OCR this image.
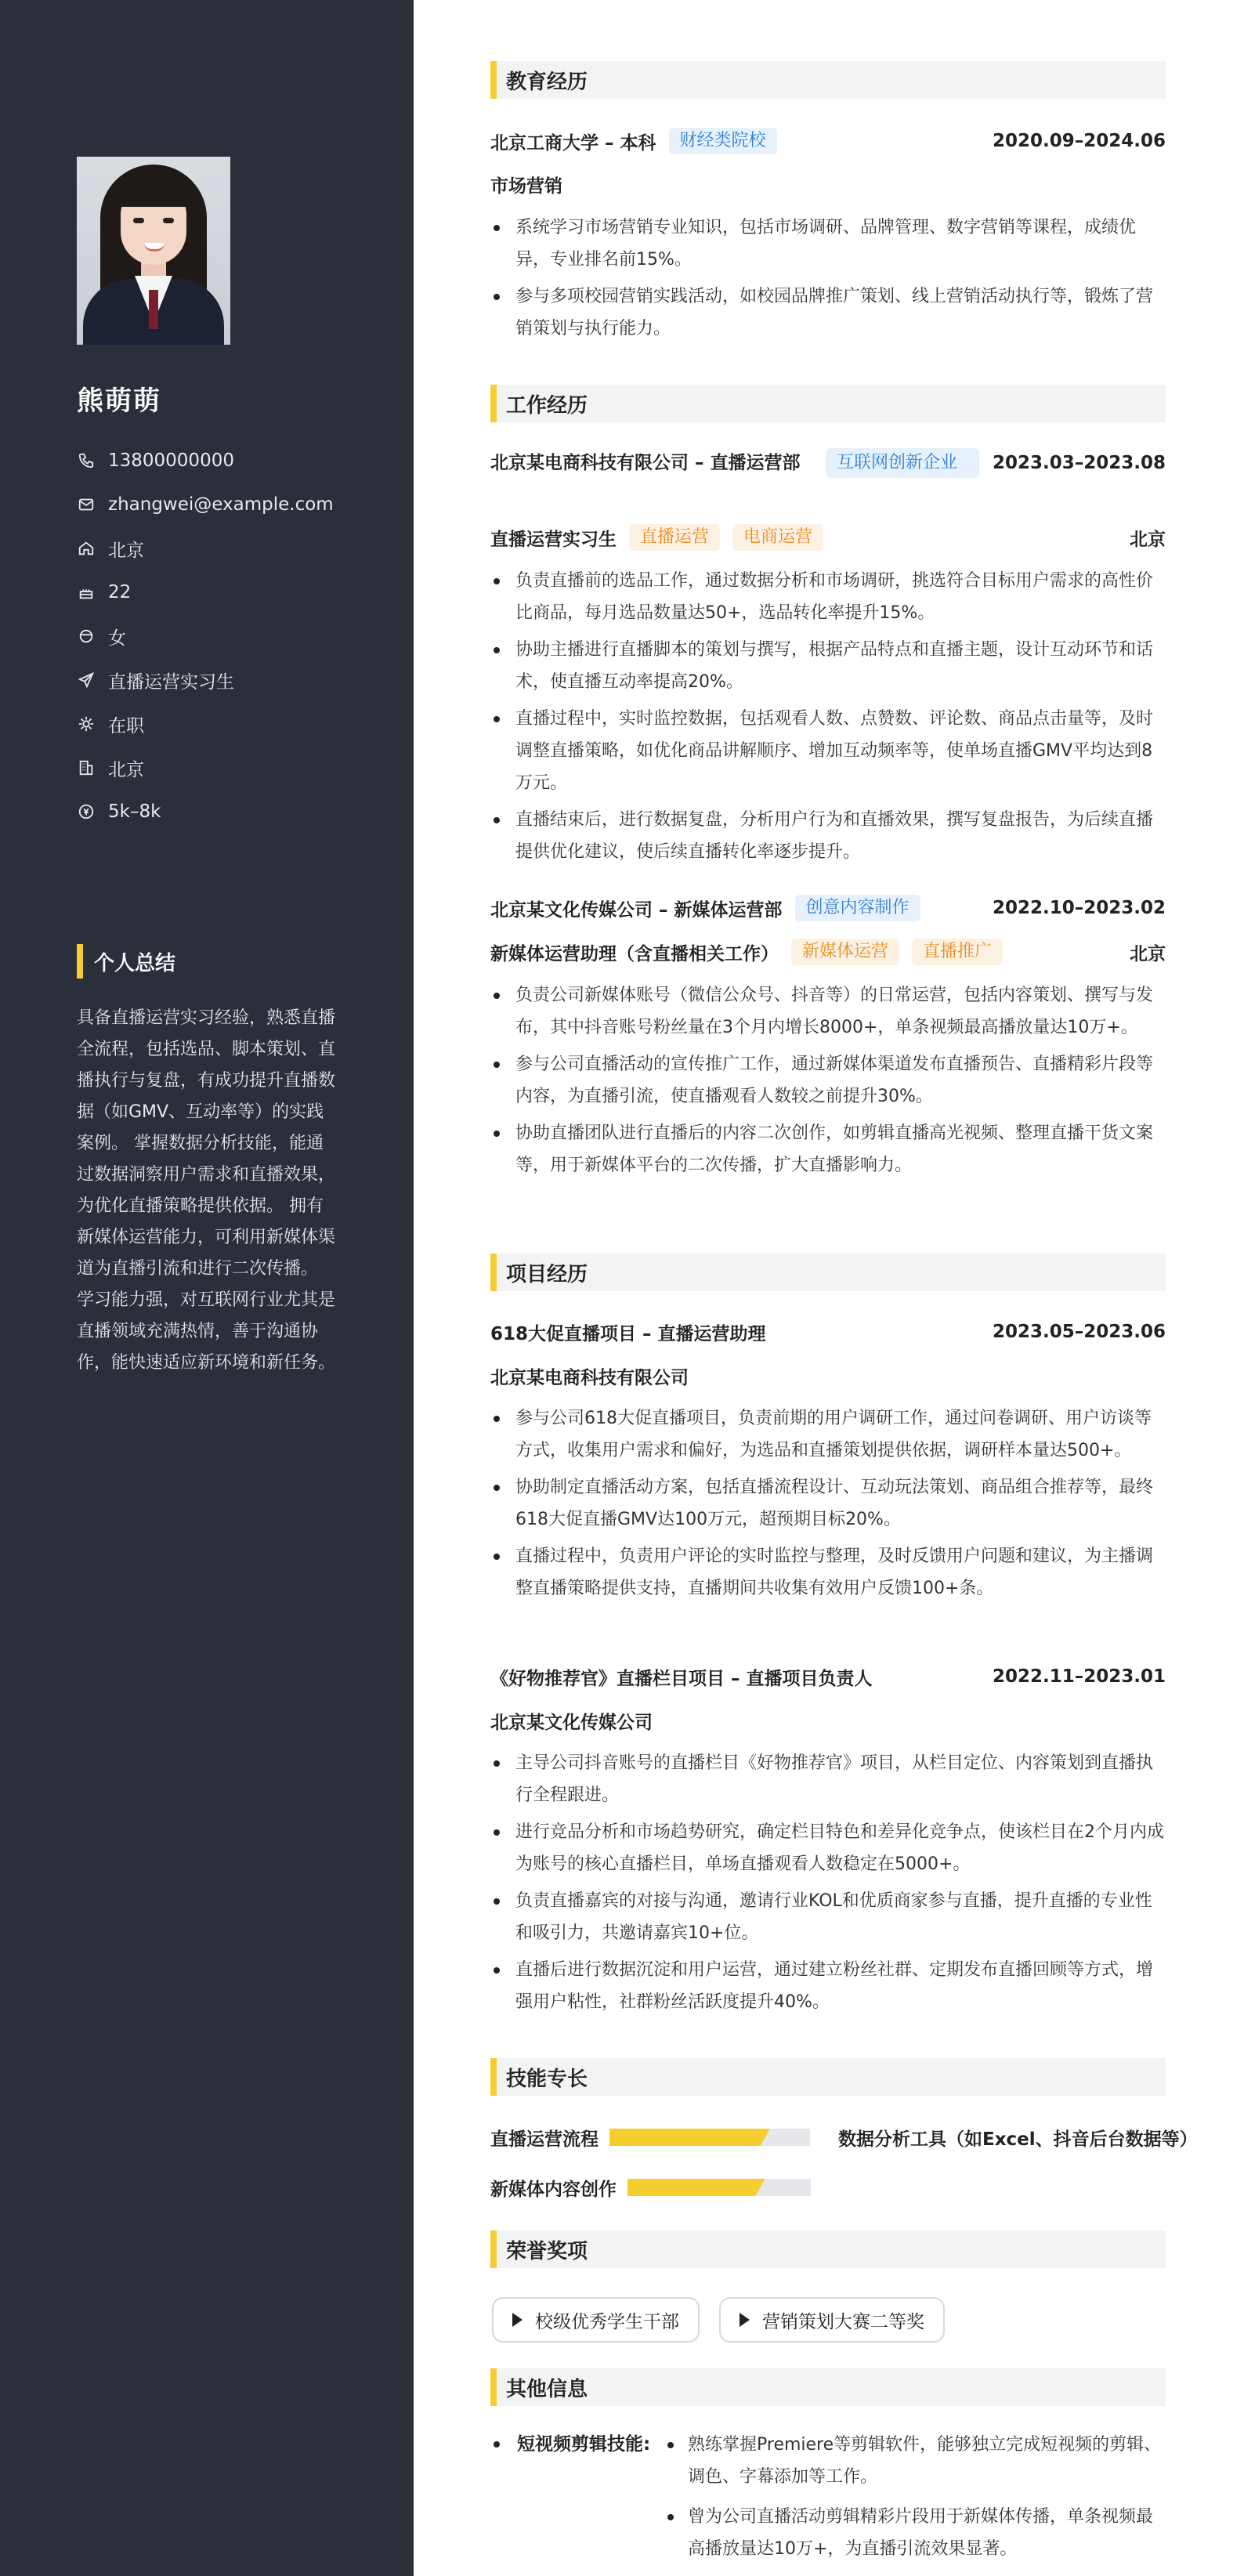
熊萌萌
13800000000
zhangwei@example.com
北京
22
女
直播运营实习生
在职
北京
5k–8k
个人总结
具备直播运营实习经验，熟悉直播全流程，包括选品、脚本策划、直播执行与复盘，有成功提升直播数据（如GMV、互动率等）的实践案例。 掌握数据分析技能，能通过数据洞察用户需求和直播效果，为优化直播策略提供依据。 拥有新媒体运营能力，可利用新媒体渠道为直播引流和进行二次传播。 学习能力强，对互联网行业尤其是直播领域充满热情，善于沟通协作，能快速适应新环境和新任务。
教育经历
北京工商大学 – 本科	财经类院校	2020.09–2024.06
市场营销
系统学习市场营销专业知识，包括市场调研、品牌管理、数字营销等课程，成绩优异，专业排名前15%。
参与多项校园营销实践活动，如校园品牌推广策划、线上营销活动执行等，锻炼了营销策划与执行能力。
工作经历
北京某电商科技有限公司 – 直播运营部	互联网创新企业	2023.03–2023.08
直播运营实习生	直播运营	电商运营	北京
负责直播前的选品工作，通过数据分析和市场调研，挑选符合目标用户需求的高性价比商品，每月选品数量达50+，选品转化率提升15%。
协助主播进行直播脚本的策划与撰写，根据产品特点和直播主题，设计互动环节和话术，使直播互动率提高20%。
直播过程中，实时监控数据，包括观看人数、点赞数、评论数、商品点击量等，及时调整直播策略，如优化商品讲解顺序、增加互动频率等，使单场直播GMV平均达到8万元。
直播结束后，进行数据复盘，分析用户行为和直播效果，撰写复盘报告，为后续直播提供优化建议，使后续直播转化率逐步提升。
北京某文化传媒公司 – 新媒体运营部	创意内容制作	2022.10–2023.02
新媒体运营助理（含直播相关工作）	新媒体运营	直播推广	北京
负责公司新媒体账号（微信公众号、抖音等）的日常运营，包括内容策划、撰写与发布，其中抖音账号粉丝量在3个月内增长8000+，单条视频最高播放量达10万+。
参与公司直播活动的宣传推广工作，通过新媒体渠道发布直播预告、直播精彩片段等内容，为直播引流，使直播观看人数较之前提升30%。
协助直播团队进行直播后的内容二次创作，如剪辑直播高光视频、整理直播干货文案等，用于新媒体平台的二次传播，扩大直播影响力。
项目经历
618大促直播项目 – 直播运营助理	2023.05–2023.06
北京某电商科技有限公司
参与公司618大促直播项目，负责前期的用户调研工作，通过问卷调研、用户访谈等方式，收集用户需求和偏好，为选品和直播策划提供依据，调研样本量达500+。
协助制定直播活动方案，包括直播流程设计、互动玩法策划、商品组合推荐等，最终618大促直播GMV达100万元，超预期目标20%。
直播过程中，负责用户评论的实时监控与整理，及时反馈用户问题和建议，为主播调整直播策略提供支持，直播期间共收集有效用户反馈100+条。
《好物推荐官》直播栏目项目 – 直播项目负责人	2022.11–2023.01
北京某文化传媒公司
主导公司抖音账号的直播栏目《好物推荐官》项目，从栏目定位、内容策划到直播执行全程跟进。
进行竞品分析和市场趋势研究，确定栏目特色和差异化竞争点，使该栏目在2个月内成为账号的核心直播栏目，单场直播观看人数稳定在5000+。
负责直播嘉宾的对接与沟通，邀请行业KOL和优质商家参与直播，提升直播的专业性和吸引力，共邀请嘉宾10+位。
直播后进行数据沉淀和用户运营，通过建立粉丝社群、定期发布直播回顾等方式，增强用户粘性，社群粉丝活跃度提升40%。
技能专长
直播运营流程	数据分析工具（如Excel、抖音后台数据等）
新媒体内容创作
荣誉奖项
校级优秀学生干部	营销策划大赛二等奖
其他信息
短视频剪辑技能:	熟练掌握Premiere等剪辑软件，能够独立完成短视频的剪辑、调色、字幕添加等工作。
曾为公司直播活动剪辑精彩片段用于新媒体传播，单条视频最高播放量达10万+，为直播引流效果显著。
